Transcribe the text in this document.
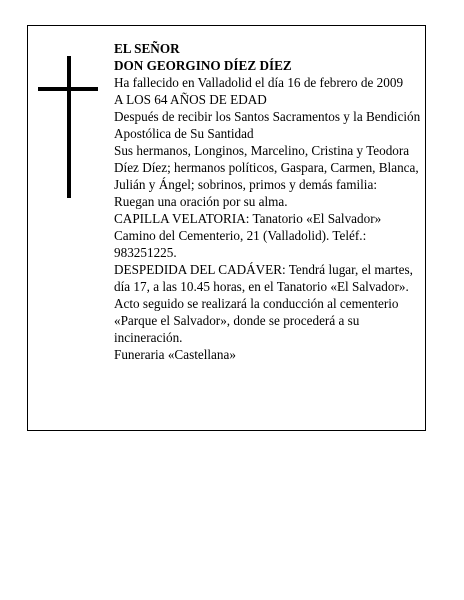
EL SEÑOR

DON GEORGINO DÍEZ DÍEZ

Ha fallecido en Valladolid el día 16 de febrero de 2009

A LOS 64 AÑOS DE EDAD

Después de recibir los Santos Sacramentos y la Bendición Apostólica de Su Santidad

Sus hermanos, Longinos, Marcelino, Cristina y Teodora Díez Díez; hermanos políticos, Gaspara, Carmen, Blanca, Julián y Ángel; sobrinos, primos y demás familia:

Ruegan una oración por su alma.

CAPILLA VELATORIA: Tanatorio «El Salvador» Camino del Cementerio, 21 (Valladolid). Teléf.: 983251225.

DESPEDIDA DEL CADÁVER: Tendrá lugar, el martes, día 17, a las 10.45 horas, en el Tanatorio «El Salvador». Acto seguido se realizará la conducción al cementerio «Parque el Salvador», donde se procederá a su incineración.

Funeraria «Castellana»
